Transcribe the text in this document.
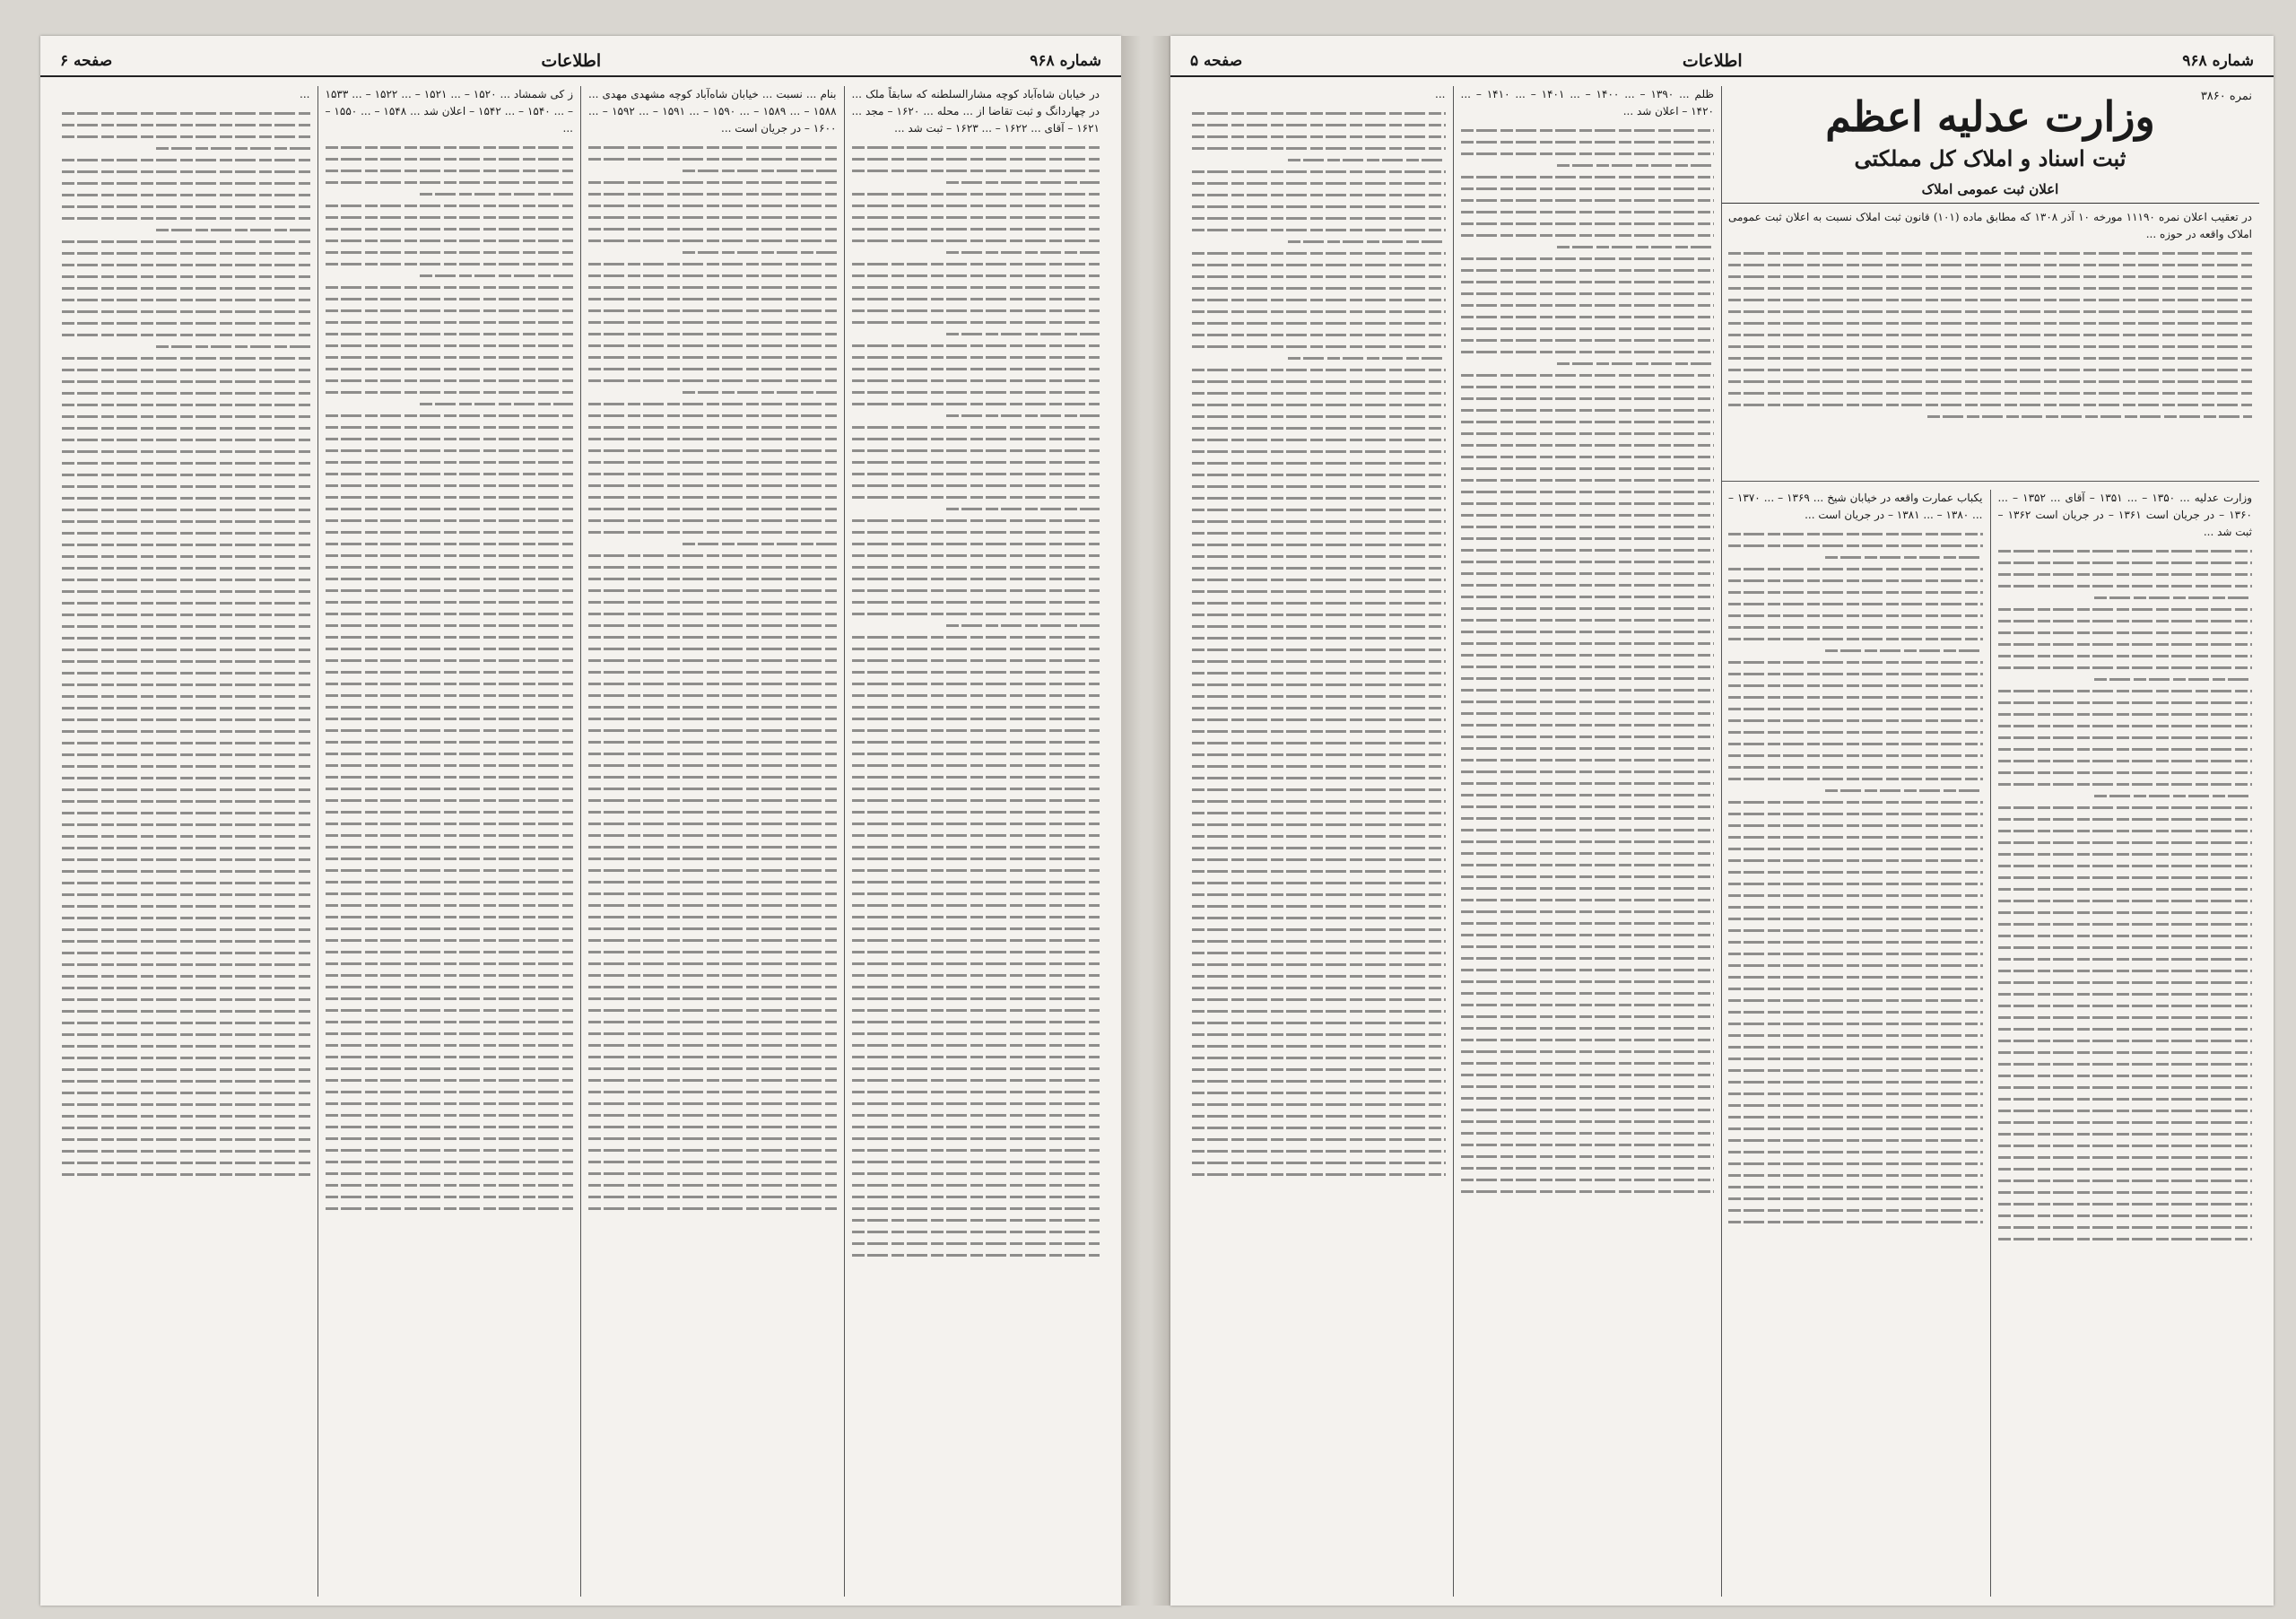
شماره ۹۶۸
اطلاعات
صفحه ۶

در خیابان شاه‌آباد کوچه مشارالسلطنه که سابقاً ملک ... در چهاردانگ و ثبت تقاضا از ... محله ... ۱۶۲۰ – مجد ... ۱۶۲۱ – آقای ... ۱۶۲۲ – ... ۱۶۲۳ – ثبت شد ...

بنام ... نسبت ... خیابان شاه‌آباد کوچه مشهدی مهدی ... ۱۵۸۸ – ... ۱۵۸۹ – ... ۱۵۹۰ – ... ۱۵۹۱ – ... ۱۵۹۲ – ... ۱۶۰۰ – در جریان است ...

ز کی شمشاد ... ۱۵۲۰ – ... ۱۵۲۱ – ... ۱۵۲۲ – ... ۱۵۳۳ – ... ۱۵۴۰ – ... ۱۵۴۲ – اعلان شد ... ۱۵۴۸ – ... ۱۵۵۰ – ...

...

شماره ۹۶۸
اطلاعات
صفحه ۵
نمره ۳۸۶۰
وزارت عدلیه اعظم
ثبت اسناد و املاک کل مملکتی
اعلان ثبت عمومی املاک
در تعقیب اعلان نمره ۱۱۱۹۰ مورخه ۱۰ آذر ۱۳۰۸ که مطابق ماده (۱۰۱) قانون ثبت املاک نسبت به اعلان ثبت عمومی املاک واقعه در حوزه ...

وزارت عدلیه ... ۱۳۵۰ – ... ۱۳۵۱ – آقای ... ۱۳۵۲ – ... ۱۳۶۰ – در جریان است ۱۳۶۱ – در جریان است ۱۳۶۲ – ثبت شد ...

یکباب عمارت واقعه در خیابان شیخ ... ۱۳۶۹ – ... ۱۳۷۰ – ... ۱۳۸۰ – ... ۱۳۸۱ – در جریان است ...

ظلم ... ۱۳۹۰ – ... ۱۴۰۰ – ... ۱۴۰۱ – ... ۱۴۱۰ – ... ۱۴۲۰ – اعلان شد ...

...
